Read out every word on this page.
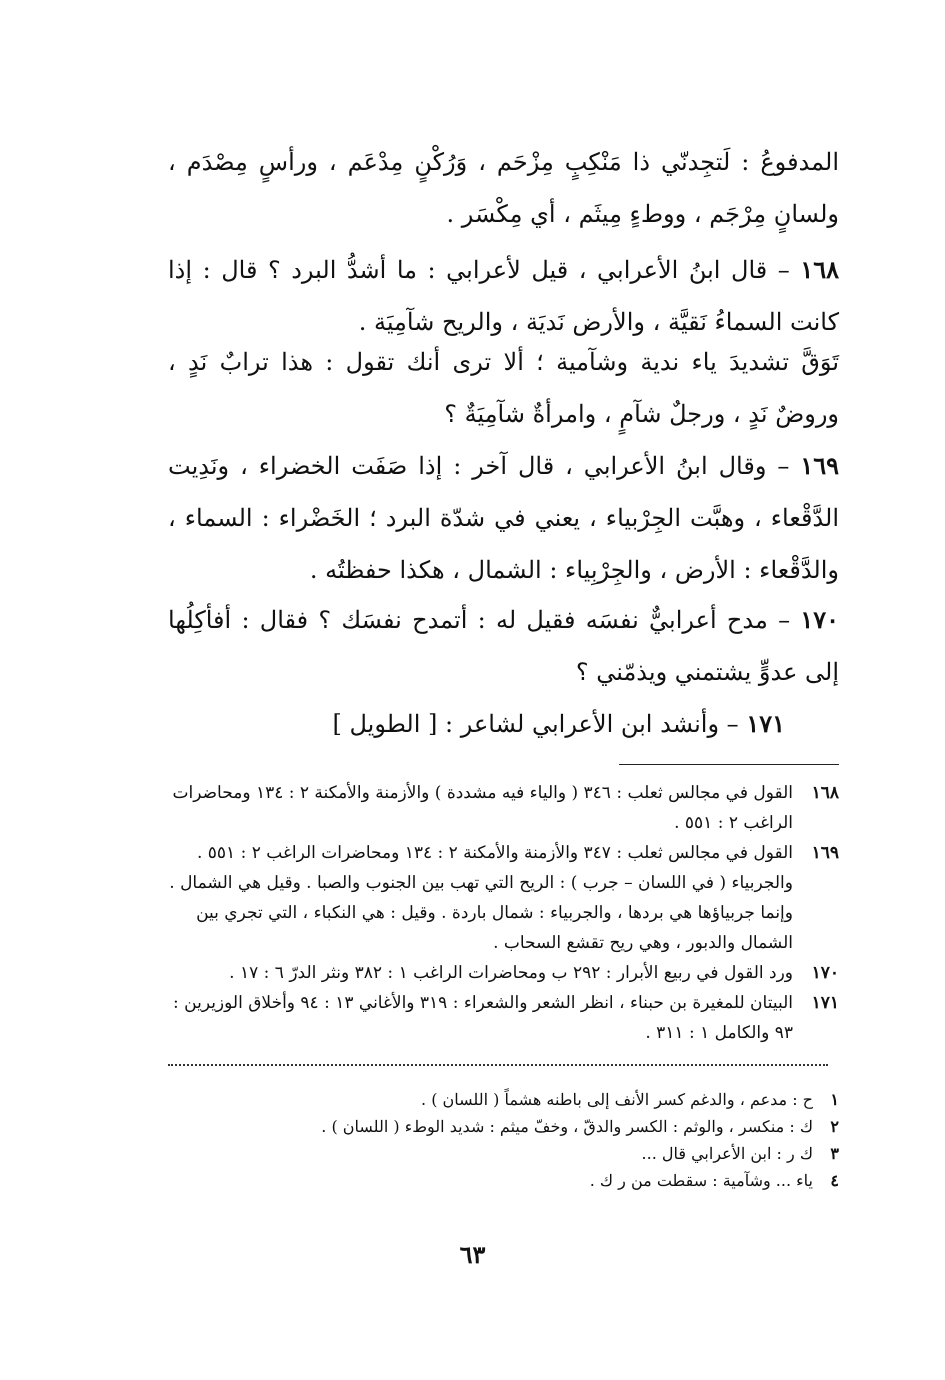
المدفوعُ : لَتجِدنّي ذا مَنْكِبٍ مِزْحَم ، وَرُكْنٍ مِدْعَم ، ورأسٍ مِصْدَم ، ولسانٍ مِرْجَم ، ووطءٍ مِيثَم ، أي مِكْسَر .

١٦٨ – قال ابنُ الأعرابي ، قيل لأعرابي : ما أشدُّ البرد ؟ قال : إذا كانت السماءُ نَقيَّة ، والأرض نَديَة ، والريح شآمِيَة .

تَوَقَّ تشديدَ ياء ندية وشآمية ؛ ألا ترى أنك تقول : هذا ترابٌ نَدٍ ، وروضٌ نَدٍ ، ورجلٌ شآمٍ ، وامرأةٌ شآمِيَةٌ ؟

١٦٩ – وقال ابنُ الأعرابي ، قال آخر : إذا صَفَت الخضراء ، ونَدِيت الدَّقْعاء ، وهبَّت الجِرْبياء ، يعني في شدّة البرد ؛ الخَضْراء : السماء ، والدَّقْعاء : الأرض ، والجِرْبِياء : الشمال ، هكذا حفظتُه .

١٧٠ – مدح أعرابيٌّ نفسَه فقيل له : أتمدح نفسَك ؟ فقال : أفأكِلُها إلى عدوٍّ يشتمني ويذمّني ؟

١٧١ – وأنشد ابن الأعرابي لشاعر : [ الطويل ]

١٦٨
القول في مجالس ثعلب : ٣٤٦ ( والياء فيه مشددة ) والأزمنة والأمكنة ٢ : ١٣٤ ومحاضرات الراغب ٢ : ٥٥١ .
١٦٩
القول في مجالس ثعلب : ٣٤٧ والأزمنة والأمكنة ٢ : ١٣٤ ومحاضرات الراغب ٢ : ٥٥١ . والجربياء ( في اللسان – جرب ) : الريح التي تهب بين الجنوب والصبا . وقيل هي الشمال . وإنما جربياؤها هي بردها ، والجربياء : شمال باردة . وقيل : هي النكباء ، التي تجري بين الشمال والدبور ، وهي ريح تقشع السحاب .
١٧٠
ورد القول في ربيع الأبرار : ٢٩٢ ب ومحاضرات الراغب ١ : ٣٨٢ ونثر الدرّ ٦ : ١٧ .
١٧١
البيتان للمغيرة بن حبناء ، انظر الشعر والشعراء : ٣١٩ والأغاني ١٣ : ٩٤ وأخلاق الوزيرين : ٩٣ والكامل ١ : ٣١١ .
١
ح : مدعم ، والدغم كسر الأنف إلى باطنه هشماً ( اللسان ) .
٢
ك : منكسر ، والوثم : الكسر والدقّ ، وخفّ ميثم : شديد الوطء ( اللسان ) .
٣
ك ر : ابن الأعرابي قال ...
٤
ياء ... وشآمية : سقطت من ر ك .
٦٣
